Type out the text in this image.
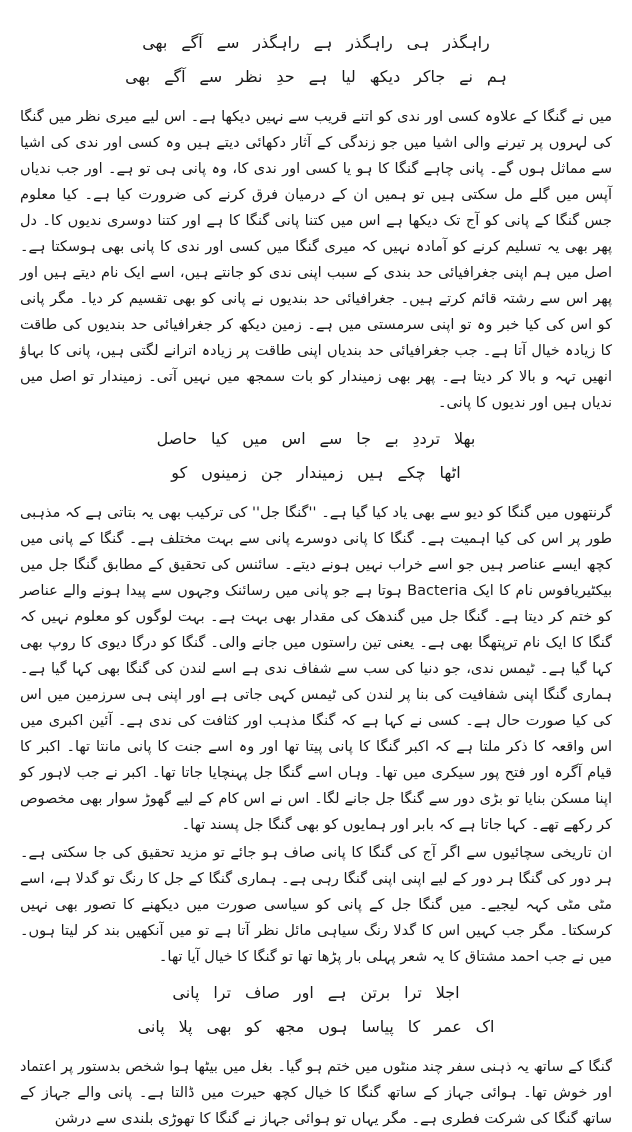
راہگذر ہی راہگذر ہے راہگذر سے آگے بھی
ہم نے جاکر دیکھ لیا ہے حدِ نظر سے آگے بھی

میں نے گنگا کے علاوہ کسی اور ندی کو اتنے قریب سے نہیں دیکھا ہے۔ اس لیے میری نظر میں گنگا کی لہروں پر تیرنے والی اشیا میں جو زندگی کے آثار دکھائی دیتے ہیں وہ کسی اور ندی کی اشیا سے مماثل ہوں گے۔ پانی چاہے گنگا کا ہو یا کسی اور ندی کا، وہ پانی ہی تو ہے۔ اور جب ندیاں آپس میں گلے مل سکتی ہیں تو ہمیں ان کے درمیان فرق کرنے کی ضرورت کیا ہے۔ کیا معلوم جس گنگا کے پانی کو آج تک دیکھا ہے اس میں کتنا پانی گنگا کا ہے اور کتنا دوسری ندیوں کا۔ دل پھر بھی یہ تسلیم کرنے کو آمادہ نہیں کہ میری گنگا میں کسی اور ندی کا پانی بھی ہوسکتا ہے۔ اصل میں ہم اپنی جغرافیائی حد بندی کے سبب اپنی ندی کو جانتے ہیں، اسے ایک نام دیتے ہیں اور پھر اس سے رشتہ قائم کرتے ہیں۔ جغرافیائی حد بندیوں نے پانی کو بھی تقسیم کر دیا۔ مگر پانی کو اس کی کیا خبر وہ تو اپنی سرمستی میں ہے۔ زمین دیکھ کر جغرافیائی حد بندیوں کی طاقت کا زیادہ خیال آتا ہے۔ جب جغرافیائی حد بندیاں اپنی طاقت پر زیادہ اترانے لگتی ہیں، پانی کا بہاؤ انھیں تہہ و بالا کر دیتا ہے۔ پھر بھی زمیندار کو بات سمجھ میں نہیں آتی۔ زمیندار تو اصل میں ندیاں ہیں اور ندیوں کا پانی۔

بھلا ترددِ بے جا سے اس میں کیا حاصل
اٹھا چکے ہیں زمیندار جن زمینوں کو

گرنتھوں میں گنگا کو دیو سے بھی یاد کیا گیا ہے۔ ''گنگا جل'' کی ترکیب بھی یہ بتاتی ہے کہ مذہبی طور پر اس کی کیا اہمیت ہے۔ گنگا کا پانی دوسرے پانی سے بہت مختلف ہے۔ گنگا کے پانی میں کچھ ایسے عناصر ہیں جو اسے خراب نہیں ہونے دیتے۔ سائنس کی تحقیق کے مطابق گنگا جل میں بیکٹیریافوس نام کا ایک Bacteria ہوتا ہے جو پانی میں رسائنک وجہوں سے پیدا ہونے والے عناصر کو ختم کر دیتا ہے۔ گنگا جل میں گندھک کی مقدار بھی بہت ہے۔ بہت لوگوں کو معلوم نہیں کہ گنگا کا ایک نام ترپتھگا بھی ہے۔ یعنی تین راستوں میں جانے والی۔ گنگا کو درگا دیوی کا روپ بھی کہا گیا ہے۔ ٹیمس ندی، جو دنیا کی سب سے شفاف ندی ہے اسے لندن کی گنگا بھی کہا گیا ہے۔ ہماری گنگا اپنی شفافیت کی بنا پر لندن کی ٹیمس کہی جاتی ہے اور اپنی ہی سرزمین میں اس کی کیا صورت حال ہے۔ کسی نے کہا ہے کہ گنگا مذہب اور کثافت کی ندی ہے۔ آئین اکبری میں اس واقعہ کا ذکر ملتا ہے کہ اکبر گنگا کا پانی پیتا تھا اور وہ اسے جنت کا پانی مانتا تھا۔ اکبر کا قیام آگرہ اور فتح پور سیکری میں تھا۔ وہاں اسے گنگا جل پہنچایا جاتا تھا۔ اکبر نے جب لاہور کو اپنا مسکن بنایا تو بڑی دور سے گنگا جل جانے لگا۔ اس نے اس کام کے لیے گھوڑ سوار بھی مخصوص کر رکھے تھے۔ کہا جاتا ہے کہ بابر اور ہمایوں کو بھی گنگا جل پسند تھا۔

ان تاریخی سچائیوں سے اگر آج کی گنگا کا پانی صاف ہو جائے تو مزید تحقیق کی جا سکتی ہے۔ ہر دور کی گنگا ہر دور کے لیے اپنی اپنی گنگا رہی ہے۔ ہماری گنگا کے جل کا رنگ تو گدلا ہے، اسے مٹی مٹی کہہ لیجیے۔ میں گنگا جل کے پانی کو سیاسی صورت میں دیکھنے کا تصور بھی نہیں کرسکتا۔ مگر جب کہیں اس کا گدلا رنگ سیاہی مائل نظر آتا ہے تو میں آنکھیں بند کر لیتا ہوں۔ میں نے جب احمد مشتاق کا یہ شعر پہلی بار پڑھا تھا تو گنگا کا خیال آیا تھا۔

اجلا ترا برتن ہے اور صاف ترا پانی
اک عمر کا پیاسا ہوں مجھ کو بھی پلا پانی

گنگا کے ساتھ یہ ذہنی سفر چند منٹوں میں ختم ہو گیا۔ بغل میں بیٹھا ہوا شخص بدستور پر اعتماد اور خوش تھا۔ ہوائی جہاز کے ساتھ گنگا کا خیال کچھ حیرت میں ڈالتا ہے۔ پانی والے جہاز کے ساتھ گنگا کی شرکت فطری ہے۔ مگر یہاں تو ہوائی جہاز نے گنگا کا تھوڑی بلندی سے درشن
